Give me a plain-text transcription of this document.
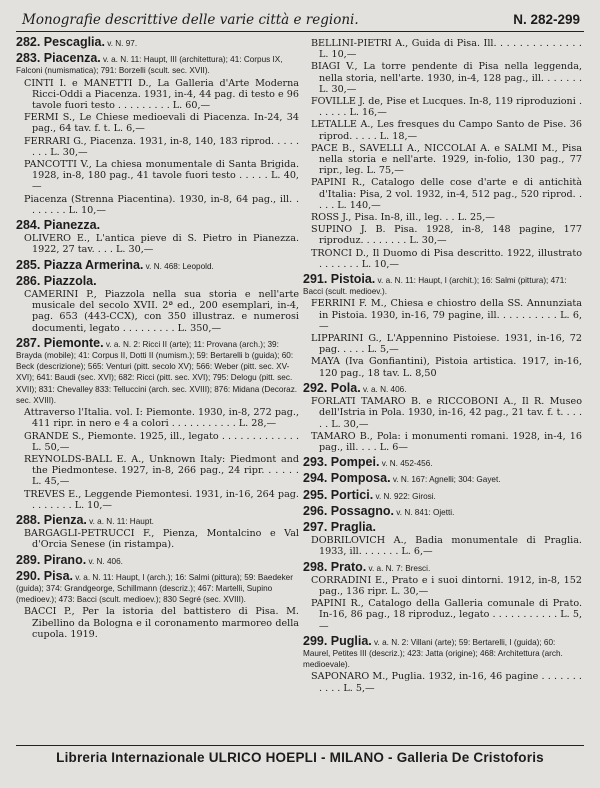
Monografie descrittive delle varie città e regioni.	N. 282-299
282. Pescaglia. v. N. 97.
283. Piacenza. v. a. N. 11: Haupt, III (architettura); 41: Corpus IX, Falconi (numismatica); 791: Borzelli (scult. sec. XVII).
CINTI I. e MANETTI D., La Galleria d'Arte Moderna Ricci-Oddi a Piacenza. 1931, in-4, 44 pag. di testo e 96 tavole fuori testo . . . . . . . . . L. 60,—
FERMI S., Le Chiese medioevali di Piacenza. In-24, 34 pag., 64 tav. f. t. L. 6,—
FERRARI G., Piacenza. 1931, in-8, 140, 183 riprod. . . . . . . . L. 30,—
PANCOTTI V., La chiesa monumentale di Santa Brigida. 1928, in-8, 180 pag., 41 tavole fuori testo . . . . . L. 40,—
Piacenza (Strenna Piacentina). 1930, in-8, 64 pag., ill. . . . . . . . L. 10,—
284. Pianezza.
OLIVERO E., L'antica pieve di S. Pietro in Pianezza. 1922, 27 tav. . . . L. 30,—
285. Piazza Armerina. v. N. 468: Leopold.
286. Piazzola.
CAMERINI P., Piazzola nella sua storia e nell'arte musicale del secolo XVII. 2ª ed., 200 esemplari, in-4, pag. 653 (443-CCX), con 350 illustraz. e numerosi documenti, legato . . . . . . . . . L. 350,—
287. Piemonte. v. a. N. 2: Ricci II (arte); 11: Provana (arch.); 39: Brayda (mobile); 41: Corpus II, Dotti II (numism.); 59: Bertarelli b (guida); 60: Beck (descrizione); 565: Venturi (pitt. secolo XV); 566: Weber (pitt. sec. XV-XVI); 641: Baudi (sec. XVI); 682: Ricci (pitt. sec. XVI); 795: Delogu (pitt. sec. XVII); 831: Chevalley 833: Telluccini (arch. sec. XVIII); 876: Midana (Decoraz. sec. XVIII).
Attraverso l'Italia. vol. I: Piemonte. 1930, in-8, 272 pag., 411 ripr. in nero e 4 a colori . . . . . . . . . . . L. 28,—
GRANDE S., Piemonte. 1925, ill., legato . . . . . . . . . . . . . L. 50,—
REYNOLDS-BALL E. A., Unknown Italy: Piedmont and the Piedmontese. 1927, in-8, 266 pag., 24 ripr. . . . . . L. 45,—
TREVES E., Leggende Piemontesi. 1931, in-16, 264 pag. . . . . . . . L. 10,—
288. Pienza. v. a. N. 11: Haupt.
BARGAGLI-PETRUCCI F., Pienza, Montalcino e Val d'Orcia Senese (in ristampa).
289. Pirano. v. N. 406.
290. Pisa. v. a. N. 11: Haupt, I (arch.); 16: Salmi (pittura); 59: Baedeker (guida); 374: Grandgeorge, Schillmann (descriz.); 467: Martelli, Supino (medioev.); 473: Bacci (scult. medioev.); 830 Segré (sec. XVIII).
BACCI P., Per la istoria del battistero di Pisa. M. Zibellino da Bologna e il coronamento marmoreo della cupola. 1919.
BELLINI-PIETRI A., Guida di Pisa. Ill. . . . . . . . . . . . . . L. 10,—
BIAGI V., La torre pendente di Pisa nella leggenda, nella storia, nell'arte. 1930, in-4, 128 pag., ill. . . . . . . L. 30,—
FOVILLE J. de, Pise et Lucques. In-8, 119 riproduzioni . . . . . . L. 16,—
LETALLE A., Les fresques du Campo Santo de Pise. 36 riprod. . . . . L. 18,—
PACE B., SAVELLI A., NICCOLAI A. e SALMI M., Pisa nella storia e nell'arte. 1929, in-folio, 130 pag., 77 ripr., leg. L. 75,—
PAPINI R., Catalogo delle cose d'arte e di antichità d'Italia: Pisa, 2 vol. 1932, in-4, 512 pag., 520 riprod. . . . . L. 140,—
ROSS J., Pisa. In-8, ill., leg. . . L. 25,—
SUPINO J. B. Pisa. 1928, in-8, 148 pagine, 177 riproduz. . . . . . . . L. 30,—
TRONCI D., Il Duomo di Pisa descritto. 1922, illustrato . . . . . . . L. 10,—
291. Pistoia. v. a. N. 11: Haupt, I (archit.); 16: Salmi (pittura); 471: Bacci (scult. medioev.).
FERRINI F. M., Chiesa e chiostro della SS. Annunziata in Pistoia. 1930, in-16, 79 pagine, ill. . . . . . . . . . L. 6,—
LIPPARINI G., L'Appennino Pistoiese. 1931, in-16, 72 pag. . . . . L. 5,—
MAYA (Iva Gonfiantini), Pistoia artistica. 1917, in-16, 120 pag., 18 tav. L. 8,50
292. Pola. v. a. N. 406.
FORLATI TAMARO B. e RICCOBONI A., Il R. Museo dell'Istria in Pola. 1930, in-16, 42 pag., 21 tav. f. t. . . . . . L. 30,—
TAMARO B., Pola: i monumenti romani. 1928, in-4, 16 pag., ill. . . . L. 6—
293. Pompei. v. N. 452-456.
294. Pomposa. v. N. 167: Agnelli; 304: Gayet.
295. Portici. v. N. 922: Girosi.
296. Possagno. v. N. 841: Ojetti.
297. Praglia.
DOBRILOVICH A., Badia monumentale di Praglia. 1933, ill. . . . . . . L. 6,—
298. Prato. v. a. N. 7: Bresci.
CORRADINI E., Prato e i suoi dintorni. 1912, in-8, 152 pag., 136 ripr. L. 30,—
PAPINI R., Catalogo della Galleria comunale di Prato. In-16, 86 pag., 18 riproduz., legato . . . . . . . . . . . L. 5,—
299. Puglia. v. a. N. 2: Villani (arte); 59: Bertarelli, I (guida); 60: Maurel, Petites III (descriz.); 423: Jatta (origine); 468: Architettura (arch. medioevale).
SAPONARO M., Puglia. 1932, in-16, 46 pagine . . . . . . . . . . . L. 5,—
Libreria Internazionale ULRICO HOEPLI - MILANO - Galleria De Cristoforis
